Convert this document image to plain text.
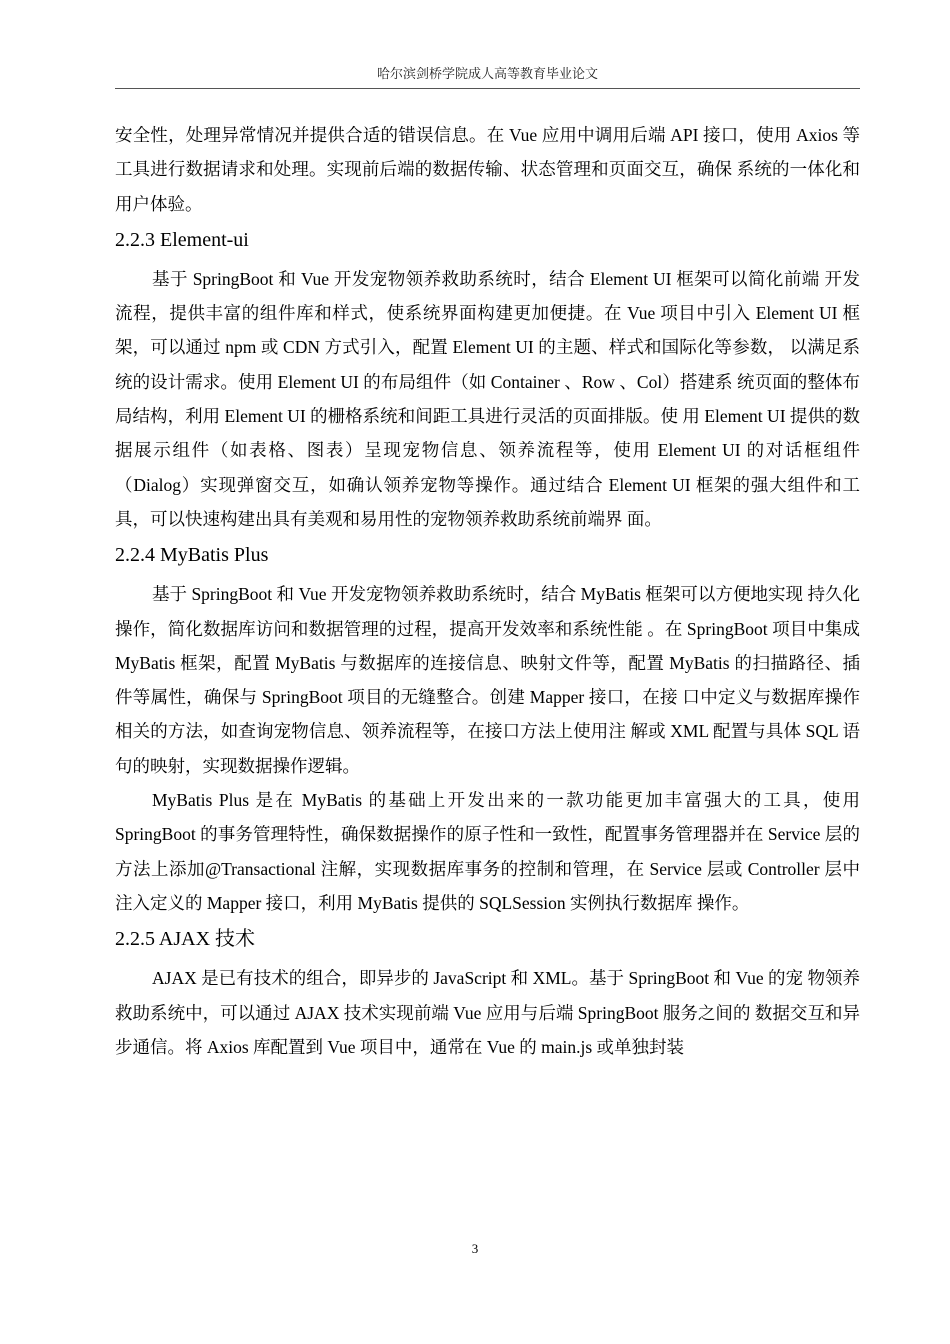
哈尔滨剑桥学院成人高等教育毕业论文

安全性，处理异常情况并提供合适的错误信息。在 Vue 应用中调用后端 API 接口，使用 Axios 等工具进行数据请求和处理。实现前后端的数据传输、状态管理和页面交互，确保 系统的一体化和用户体验。

2.2.3 Element-ui

基于 SpringBoot 和 Vue 开发宠物领养救助系统时，结合 Element UI 框架可以简化前端 开发流程，提供丰富的组件库和样式，使系统界面构建更加便捷。在 Vue 项目中引入 Element UI 框架，可以通过 npm 或 CDN 方式引入，配置 Element UI 的主题、样式和国际化等参数， 以满足系统的设计需求。使用 Element UI 的布局组件（如 Container 、Row 、Col）搭建系 统页面的整体布局结构，利用 Element UI 的栅格系统和间距工具进行灵活的页面排版。使 用 Element UI 提供的数据展示组件（如表格、图表）呈现宠物信息、领养流程等，使用 Element UI 的对话框组件（Dialog）实现弹窗交互，如确认领养宠物等操作。通过结合 Element UI 框架的强大组件和工具，可以快速构建出具有美观和易用性的宠物领养救助系统前端界 面。

2.2.4 MyBatis Plus

基于 SpringBoot 和 Vue 开发宠物领养救助系统时，结合 MyBatis 框架可以方便地实现 持久化操作，简化数据库访问和数据管理的过程，提高开发效率和系统性能 。在 SpringBoot 项目中集成 MyBatis 框架，配置 MyBatis 与数据库的连接信息、映射文件等，配置 MyBatis 的扫描路径、插件等属性，确保与 SpringBoot 项目的无缝整合。创建 Mapper 接口，在接 口中定义与数据库操作相关的方法，如查询宠物信息、领养流程等，在接口方法上使用注 解或 XML 配置与具体 SQL 语句的映射，实现数据操作逻辑。

MyBatis Plus 是在 MyBatis 的基础上开发出来的一款功能更加丰富强大的工具，使用 SpringBoot 的事务管理特性，确保数据操作的原子性和一致性，配置事务管理器并在 Service 层的方法上添加@Transactional 注解，实现数据库事务的控制和管理，在 Service 层或 Controller 层中注入定义的 Mapper 接口，利用 MyBatis 提供的 SQLSession 实例执行数据库 操作。

2.2.5 AJAX 技术

AJAX 是已有技术的组合，即异步的 JavaScript 和 XML。基于 SpringBoot 和 Vue 的宠 物领养救助系统中，可以通过 AJAX 技术实现前端 Vue 应用与后端 SpringBoot 服务之间的 数据交互和异步通信。将 Axios 库配置到 Vue 项目中，通常在 Vue 的 main.js 或单独封装

3
